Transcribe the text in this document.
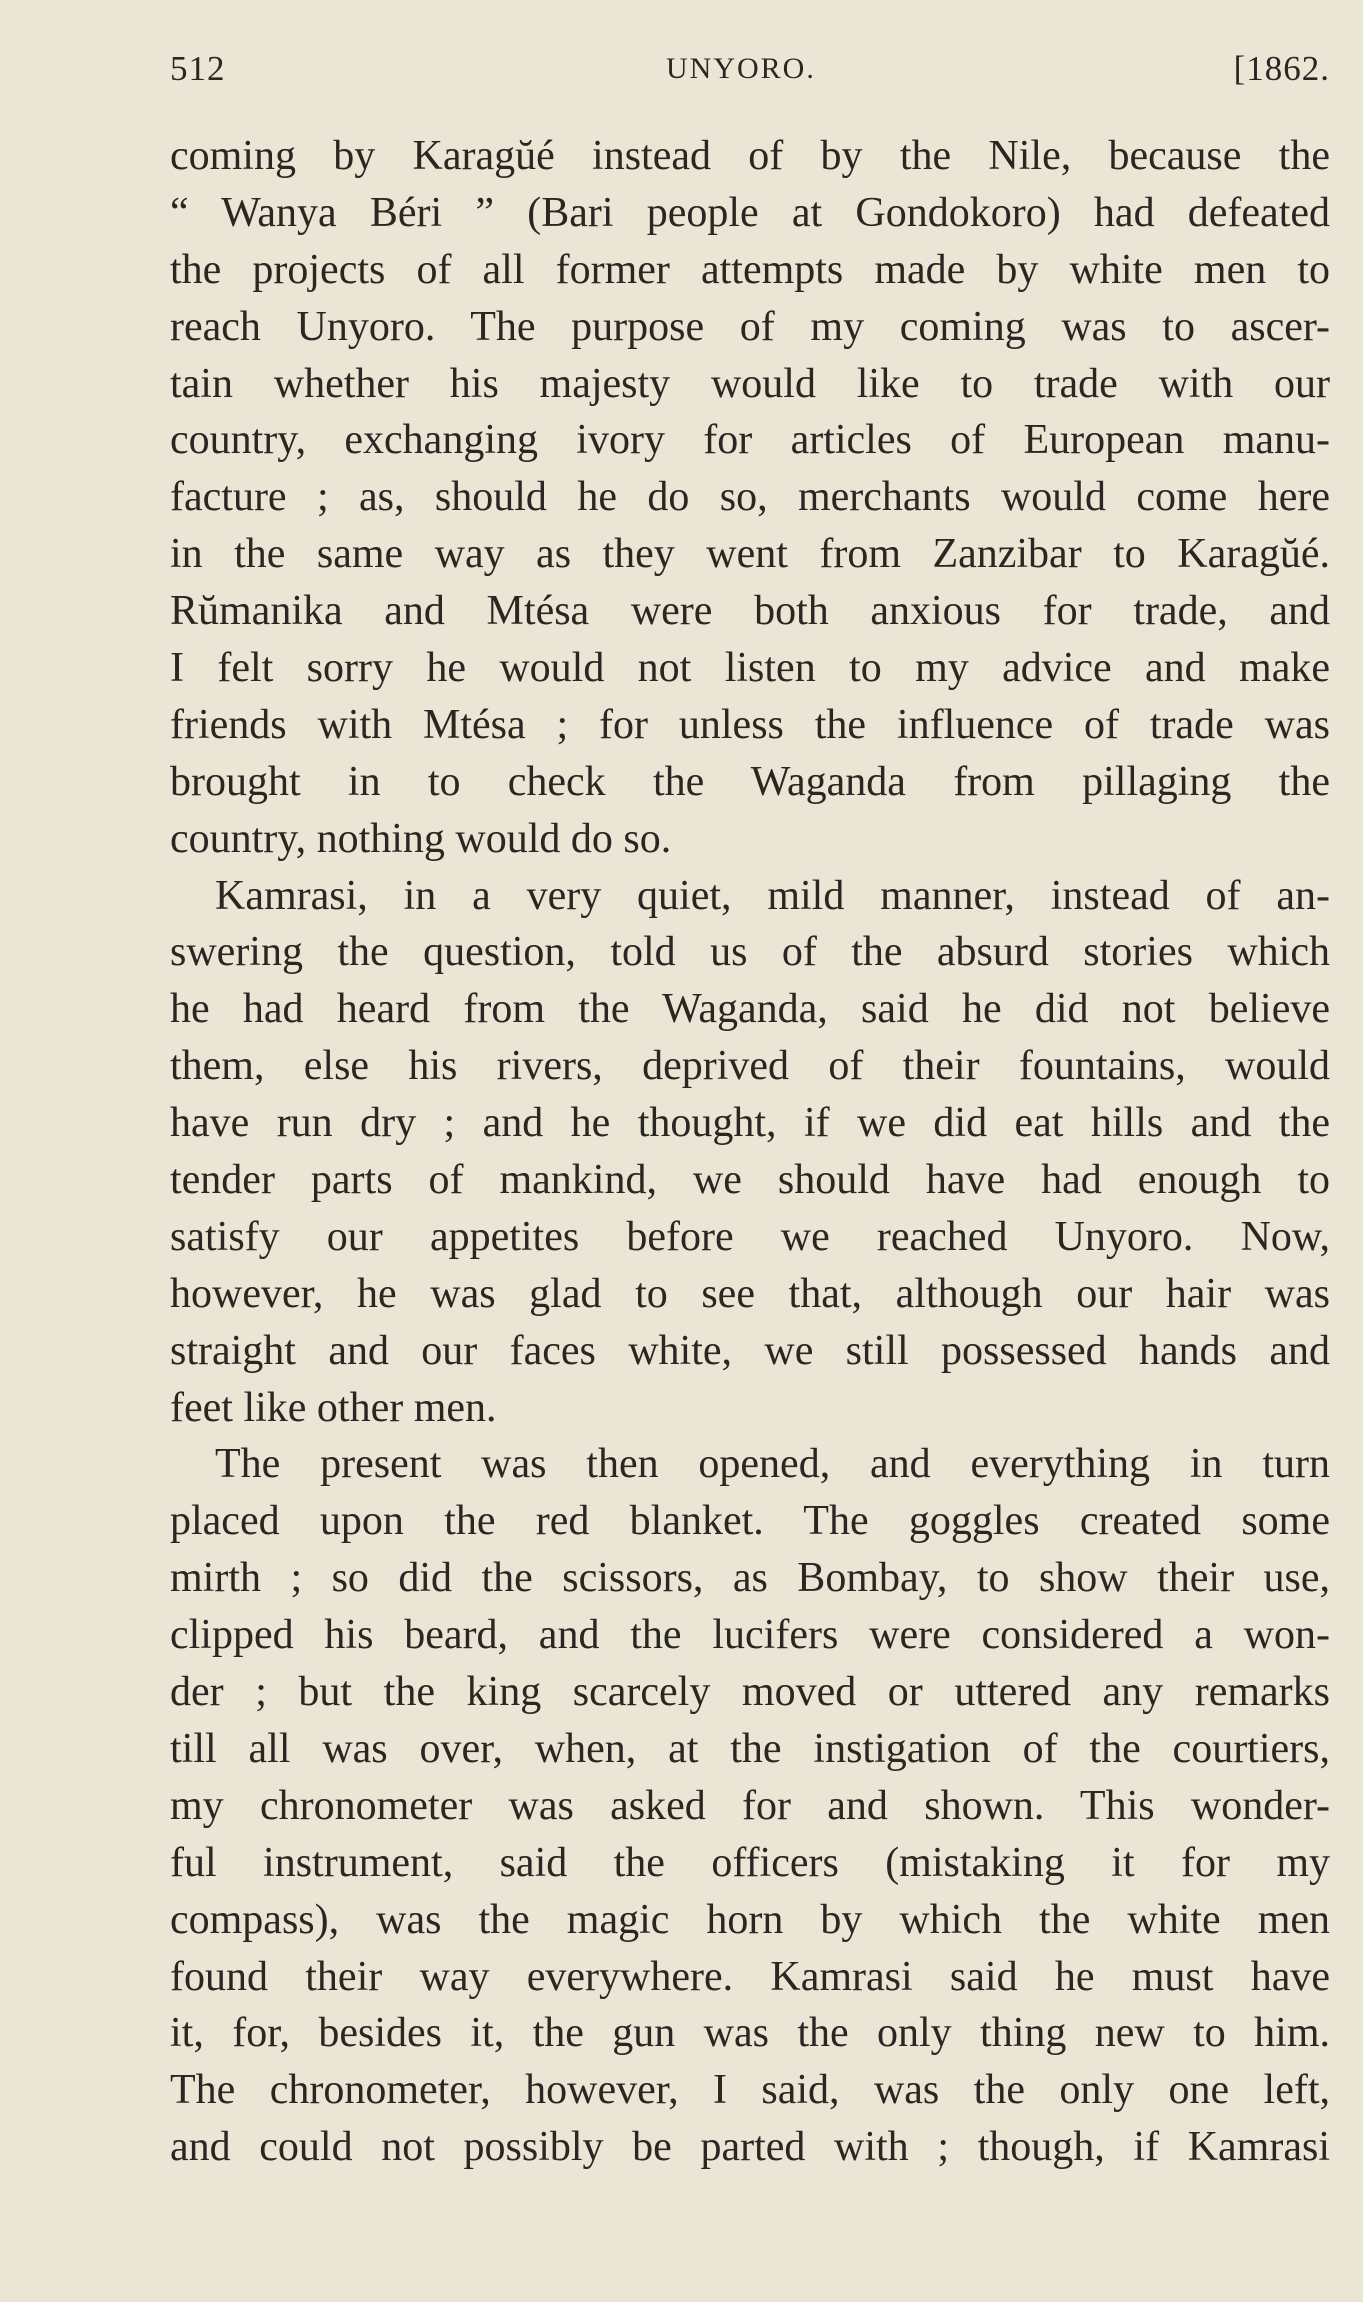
512	UNYORO.	[1862.
coming by Karagŭé instead of by the Nile, because the
“ Wanya Béri ” (Bari people at Gondokoro) had defeated
the projects of all former attempts made by white men to
reach Unyoro. The purpose of my coming was to ascer-
tain whether his majesty would like to trade with our
country, exchanging ivory for articles of European manu-
facture ; as, should he do so, merchants would come here
in the same way as they went from Zanzibar to Karagŭé.
Rŭmanika and Mtésa were both anxious for trade, and
I felt sorry he would not listen to my advice and make
friends with Mtésa ; for unless the influence of trade was
brought in to check the Waganda from pillaging the
country, nothing would do so.
Kamrasi, in a very quiet, mild manner, instead of an-
swering the question, told us of the absurd stories which
he had heard from the Waganda, said he did not believe
them, else his rivers, deprived of their fountains, would
have run dry ; and he thought, if we did eat hills and the
tender parts of mankind, we should have had enough to
satisfy our appetites before we reached Unyoro. Now,
however, he was glad to see that, although our hair was
straight and our faces white, we still possessed hands and
feet like other men.
The present was then opened, and everything in turn
placed upon the red blanket. The goggles created some
mirth ; so did the scissors, as Bombay, to show their use,
clipped his beard, and the lucifers were considered a won-
der ; but the king scarcely moved or uttered any remarks
till all was over, when, at the instigation of the courtiers,
my chronometer was asked for and shown. This wonder-
ful instrument, said the officers (mistaking it for my
compass), was the magic horn by which the white men
found their way everywhere. Kamrasi said he must have
it, for, besides it, the gun was the only thing new to him.
The chronometer, however, I said, was the only one left,
and could not possibly be parted with ; though, if Kamrasi
